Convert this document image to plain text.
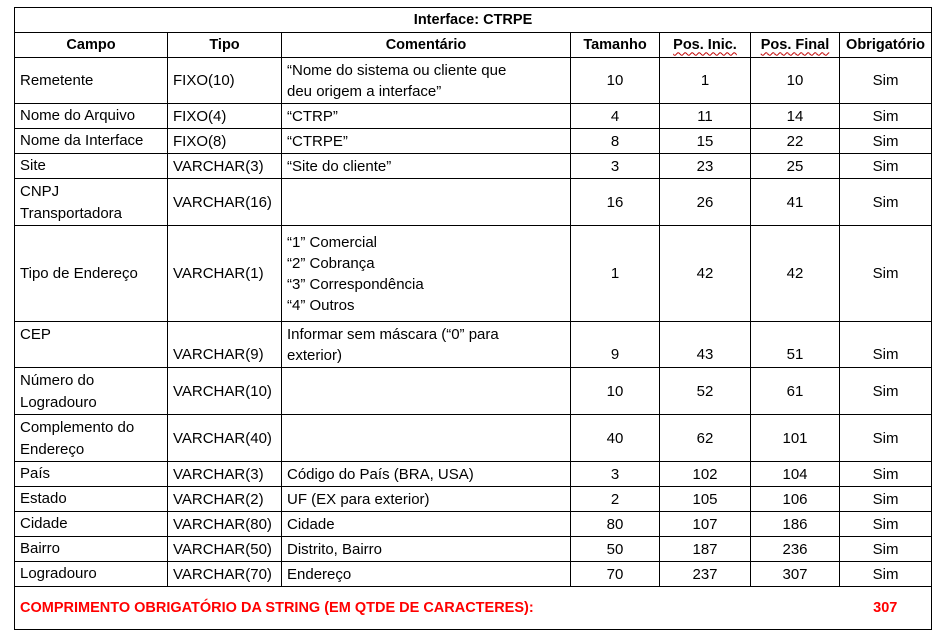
Interface: CTRPE						
Campo	Tipo	Comentário	Tamanho	Pos. Inic.	Pos. Final	Obrigatório
Remetente	FIXO(10)	“Nome do sistema ou cliente que
deu origem a interface”	10	1	10	Sim
Nome do Arquivo	FIXO(4)	“CTRP”	4	11	14	Sim
Nome da Interface	FIXO(8)	“CTRPE”	8	15	22	Sim
Site	VARCHAR(3)	“Site do cliente”	3	23	25	Sim
CNPJ Transportadora	VARCHAR(16)		16	26	41	Sim
Tipo de Endereço	VARCHAR(1)	“1” Comercial
“2” Cobrança
“3” Correspondência
“4” Outros	1	42	42	Sim
CEP	VARCHAR(9)	Informar sem máscara (“0” para
exterior)	9	43	51	Sim
Número do Logradouro	VARCHAR(10)		10	52	61	Sim
Complemento do Endereço	VARCHAR(40)		40	62	101	Sim
País	VARCHAR(3)	Código do País (BRA, USA)	3	102	104	Sim
Estado	VARCHAR(2)	UF (EX para exterior)	2	105	106	Sim
Cidade	VARCHAR(80)	Cidade	80	107	186	Sim
Bairro	VARCHAR(50)	Distrito, Bairro	50	187	236	Sim
Logradouro	VARCHAR(70)	Endereço	70	237	307	Sim
COMPRIMENTO OBRIGATÓRIO DA STRING (EM QTDE DE CARACTERES):						307
